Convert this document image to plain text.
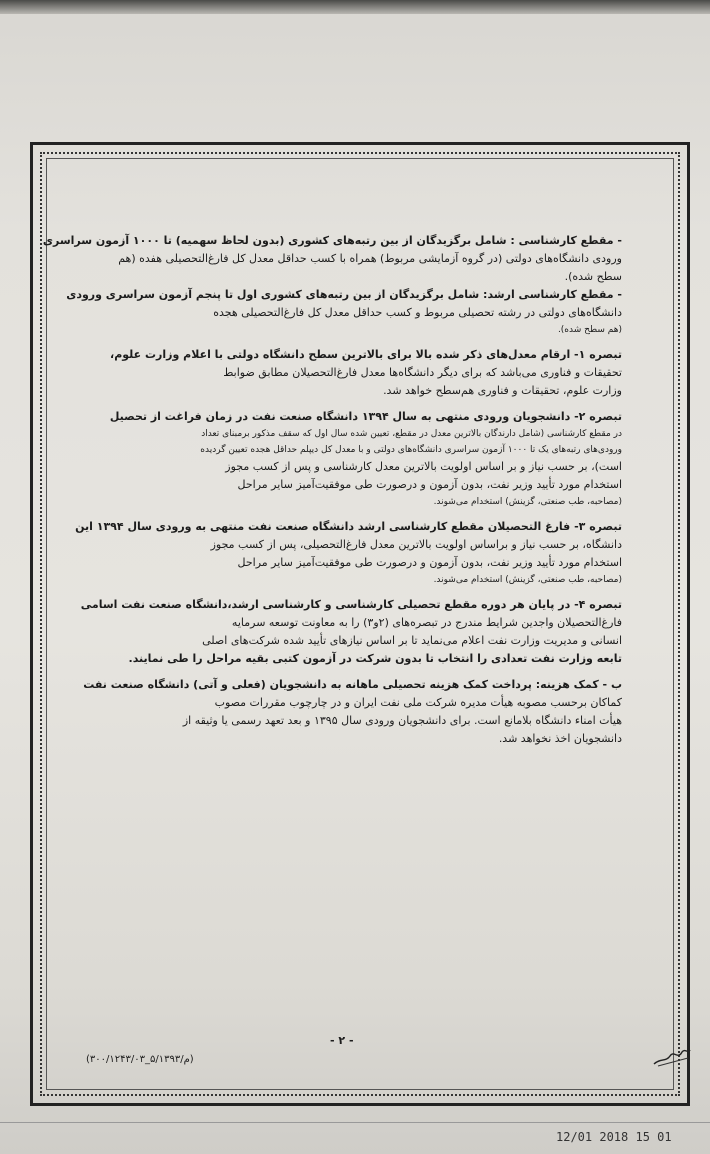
- مقطع کارشناسی : شامل برگزیدگان از بین رتبه‌های کشوری (بدون لحاظ سهمیه) تا ۱۰۰۰ آزمون سراسری
ورودی دانشگاه‌های دولتی (در گروه آزمایشی مربوط) همراه با کسب حداقل معدل کل فارغ‌التحصیلی هفده (هم
سطح شده).
- مقطع کارشناسی ارشد: شامل برگزیدگان از بین رتبه‌های کشوری اول تا پنجم آزمون سراسری ورودی
دانشگاه‌های دولتی در رشته تحصیلی مربوط و کسب حداقل معدل کل فارغ‌التحصیلی هجده
(هم سطح شده).
تبصره ۱- ارقام معدل‌های ذکر شده بالا برای بالاترین سطح دانشگاه دولتی با اعلام وزارت علوم،
تحقیقات و فناوری می‌باشد که برای دیگر دانشگاه‌ها معدل فارغ‌التحصیلان مطابق ضوابط
وزارت علوم، تحقیقات و فناوری هم‌سطح خواهد شد.
تبصره ۲- دانشجویان ورودی منتهی به سال ۱۳۹۴ دانشگاه صنعت نفت در زمان فراغت از تحصیل
در مقطع کارشناسی (شامل دارندگان بالاترین معدل در مقطع، تعیین شده سال اول که سقف مذکور برمبنای تعداد
ورودی‌های رتبه‌های یک تا ۱۰۰۰ آزمون سراسری دانشگاه‌های دولتی و با معدل کل دیپلم حداقل هجده تعیین گردیده
است)، بر حسب نیاز و بر اساس اولویت بالاترین معدل کارشناسی و پس از کسب مجوز
استخدام مورد تأیید وزیر نفت، بدون آزمون و درصورت طی موفقیت‌آمیز سایر مراحل
(مصاحبه، طب صنعتی، گزینش) استخدام می‌شوند.
تبصره ۳- فارغ التحصیلان مقطع کارشناسی ارشد دانشگاه صنعت نفت منتهی به ورودی سال ۱۳۹۴ این
دانشگاه، بر حسب نیاز و براساس اولویت بالاترین معدل فارغ‌التحصیلی، پس از کسب مجوز
استخدام مورد تأیید وزیر نفت، بدون آزمون و درصورت طی موفقیت‌آمیز سایر مراحل
(مصاحبه، طب صنعتی، گزینش) استخدام می‌شوند.
تبصره ۴- در پایان هر دوره مقطع تحصیلی کارشناسی و کارشناسی ارشد،دانشگاه صنعت نفت اسامی
فارغ‌التحصیلان واجدین شرایط مندرج در تبصره‌های (۲و۳) را به معاونت توسعه سرمایه
انسانی و مدیریت وزارت نفت اعلام می‌نماید تا بر اساس نیازهای تأیید شده شرکت‌های اصلی
تابعه وزارت نفت تعدادی را انتخاب تا بدون شرکت در آزمون کتبی بقیه مراحل را طی نمایند.
ب - کمک هزینه: پرداخت کمک هزینه تحصیلی ماهانه به دانشجویان (فعلی و آتی) دانشگاه صنعت نفت
کماکان برحسب مصوبه هیأت مدیره شرکت ملی نفت ایران و در چارچوب مقررات مصوب
هیأت امناء دانشگاه بلامانع است. برای دانشجویان ورودی سال ۱۳۹۵ و بعد تعهد رسمی یا وثیقه از
دانشجویان اخذ نخواهد شد.
- ۲ -
(۳۰۰/۱۲۴۳/۰۳_م/۵/۱۳۹۳)
12/01 2018 15 01
